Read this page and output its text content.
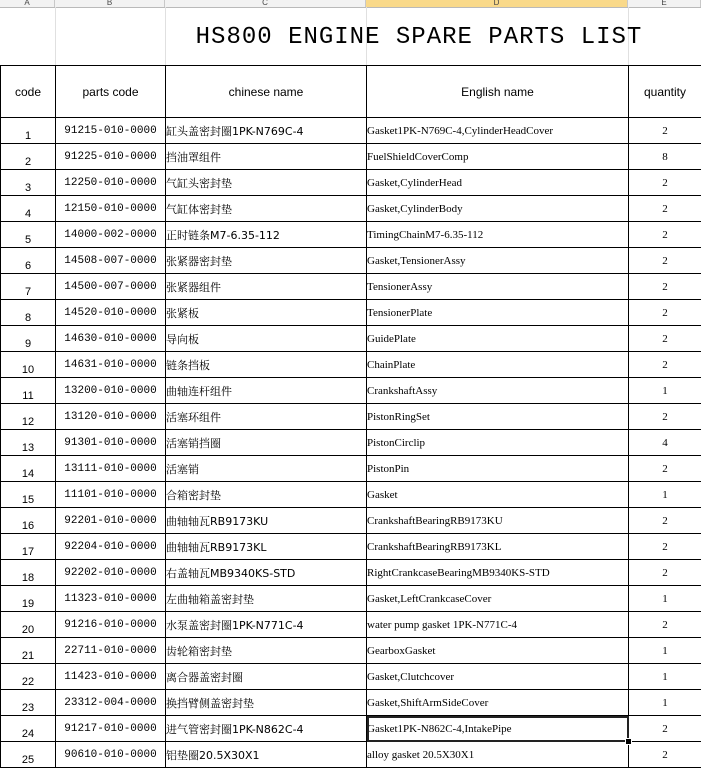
A	B	C	D	E
HS800 ENGINE SPARE PARTS LIST
code	parts code	chinese name	English name	quantity
1	91215-010-0000	缸头盖密封圈1PK-N769C-4	Gasket1PK-N769C-4,CylinderHeadCover	2
2	91225-010-0000	挡油罩组件	FuelShieldCoverComp	8
3	12250-010-0000	气缸头密封垫	Gasket,CylinderHead	2
4	12150-010-0000	气缸体密封垫	Gasket,CylinderBody	2
5	14000-002-0000	正时链条M7-6.35-112	TimingChainM7-6.35-112	2
6	14508-007-0000	张紧器密封垫	Gasket,TensionerAssy	2
7	14500-007-0000	张紧器组件	TensionerAssy	2
8	14520-010-0000	张紧板	TensionerPlate	2
9	14630-010-0000	导向板	GuidePlate	2
10	14631-010-0000	链条挡板	ChainPlate	2
11	13200-010-0000	曲轴连杆组件	CrankshaftAssy	1
12	13120-010-0000	活塞环组件	PistonRingSet	2
13	91301-010-0000	活塞销挡圈	PistonCirclip	4
14	13111-010-0000	活塞销	PistonPin	2
15	11101-010-0000	合箱密封垫	Gasket	1
16	92201-010-0000	曲轴轴瓦RB9173KU	CrankshaftBearingRB9173KU	2
17	92204-010-0000	曲轴轴瓦RB9173KL	CrankshaftBearingRB9173KL	2
18	92202-010-0000	右盖轴瓦MB9340KS-STD	RightCrankcaseBearingMB9340KS-STD	2
19	11323-010-0000	左曲轴箱盖密封垫	Gasket,LeftCrankcaseCover	1
20	91216-010-0000	水泵盖密封圈1PK-N771C-4	water pump gasket 1PK-N771C-4	2
21	22711-010-0000	齿轮箱密封垫	GearboxGasket	1
22	11423-010-0000	离合器盖密封圈	Gasket,Clutchcover	1
23	23312-004-0000	换挡臂侧盖密封垫	Gasket,ShiftArmSideCover	1
24	91217-010-0000	进气管密封圈1PK-N862C-4	Gasket1PK-N862C-4,IntakePipe	2
25	90610-010-0000	铝垫圈20.5X30X1	alloy gasket 20.5X30X1	2
